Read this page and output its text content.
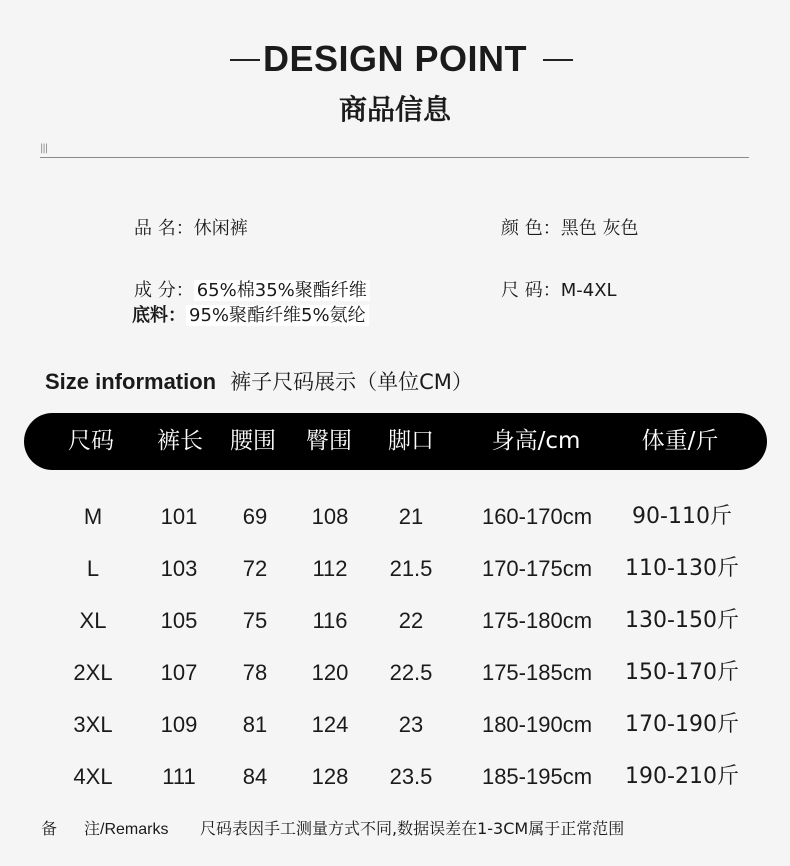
DESIGN POINT
商品信息
|||
品 名：休闲裤	颜 色：黑色 灰色
成 分： 65%棉35%聚酯纤维
底料： 95%聚酯纤维5%氨纶
尺 码：M-4XL
Size information 裤子尺码展示（单位CM）
尺码	裤长	腰围	臀围	脚口	身高/cm	体重/斤
M	101	69	108	21	160-170cm	90-110斤
L	103	72	112	21.5	170-175cm	110-130斤
XL	105	75	116	22	175-180cm	130-150斤
2XL	107	78	120	22.5	175-185cm	150-170斤
3XL	109	81	124	23	180-190cm	170-190斤
4XL	111	84	128	23.5	185-195cm	190-210斤
备 注/Remarks 尺码表因手工测量方式不同,数据误差在1-3CM属于正常范围
